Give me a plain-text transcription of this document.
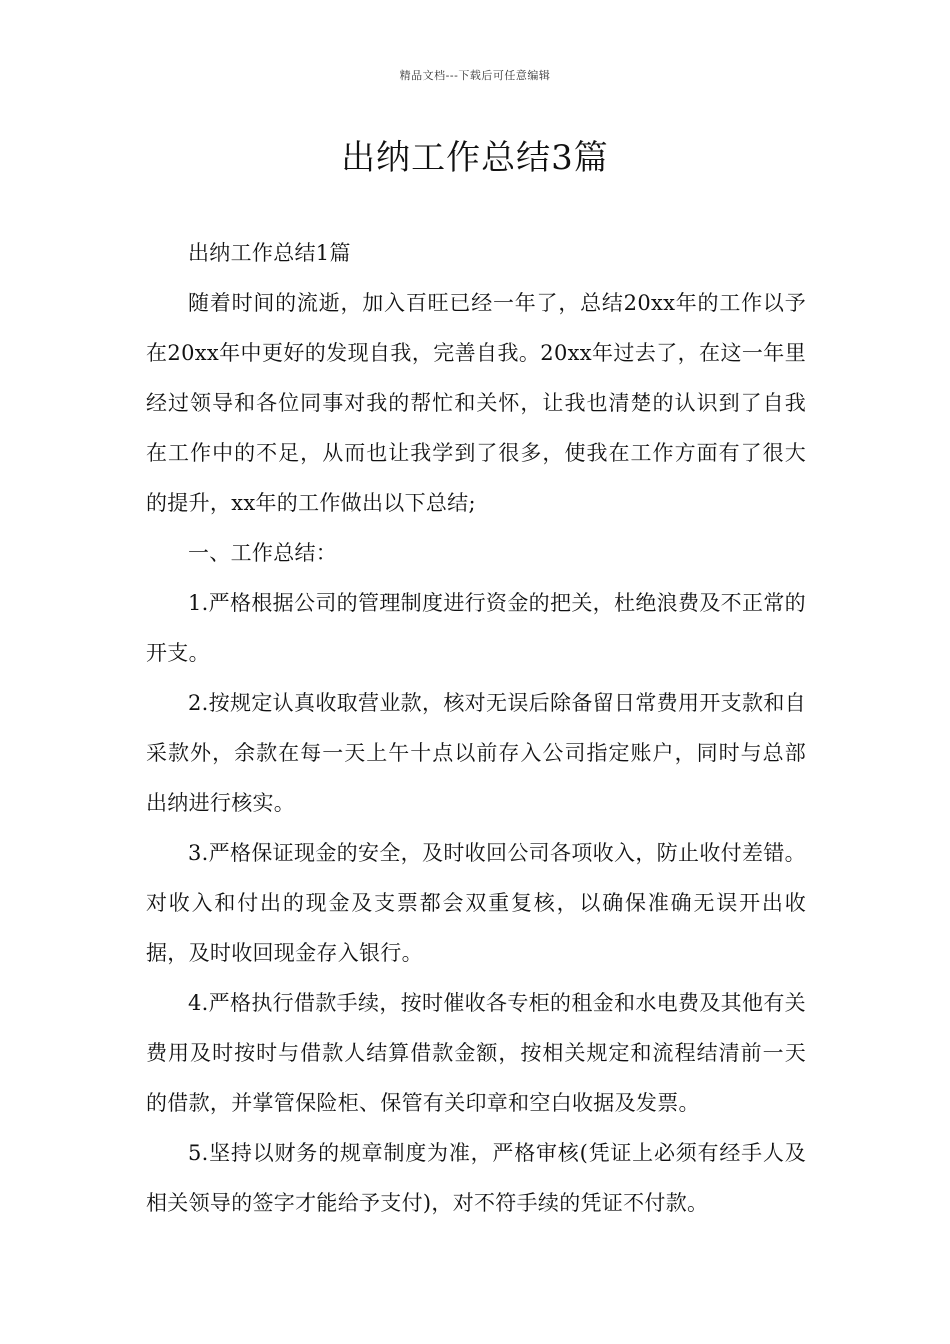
精品文档---下载后可任意编辑
出纳工作总结3篇

出纳工作总结1篇

随着时间的流逝，加入百旺已经一年了，总结20xx年的工作以予在20xx年中更好的发现自我，完善自我。20xx年过去了，在这一年里经过领导和各位同事对我的帮忙和关怀，让我也清楚的认识到了自我在工作中的不足，从而也让我学到了很多，使我在工作方面有了很大的提升，xx年的工作做出以下总结;

一、工作总结：

1.严格根据公司的管理制度进行资金的把关，杜绝浪费及不正常的开支。

2.按规定认真收取营业款，核对无误后除备留日常费用开支款和自采款外，余款在每一天上午十点以前存入公司指定账户，同时与总部出纳进行核实。

3.严格保证现金的安全，及时收回公司各项收入，防止收付差错。对收入和付出的现金及支票都会双重复核，以确保准确无误开出收据，及时收回现金存入银行。

4.严格执行借款手续，按时催收各专柜的租金和水电费及其他有关费用及时按时与借款人结算借款金额，按相关规定和流程结清前一天的借款，并掌管保险柜、保管有关印章和空白收据及发票。

5.坚持以财务的规章制度为准，严格审核(凭证上必须有经手人及相关领导的签字才能给予支付)，对不符手续的凭证不付款。
